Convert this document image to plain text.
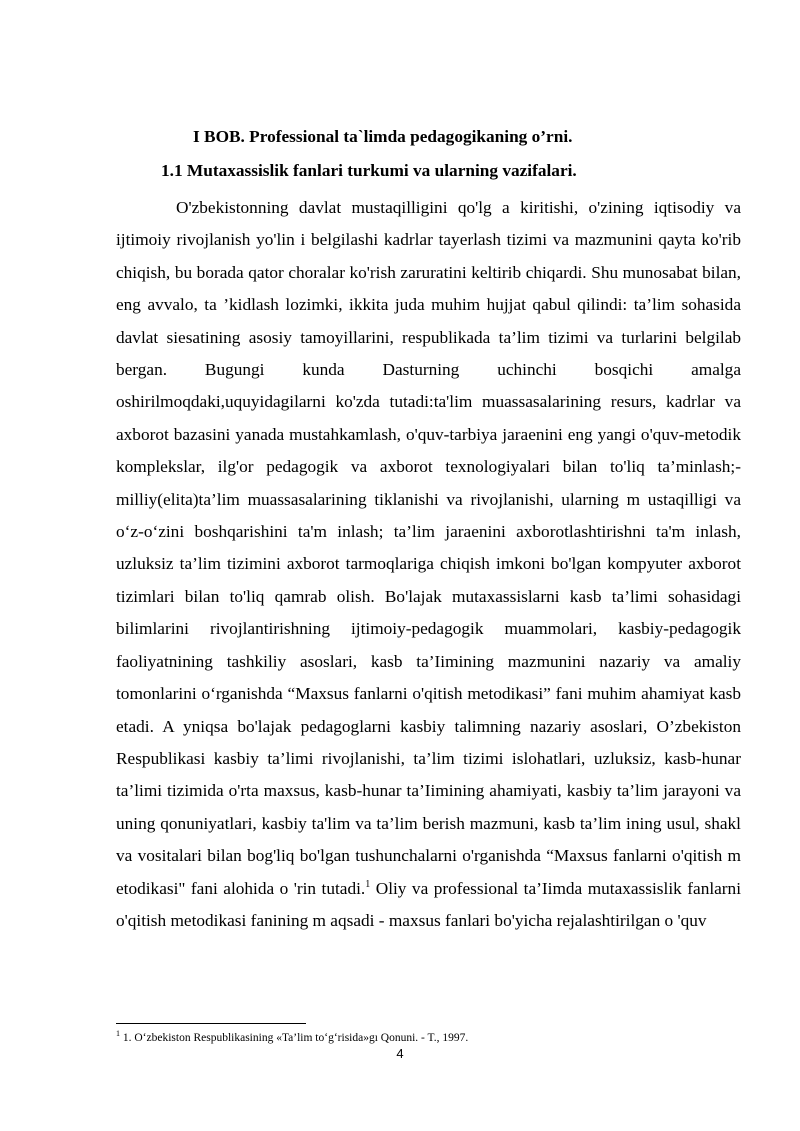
I BOB. Professional ta`limda pedagogikaning o’rni.
1.1 Mutaxassislik fanlari turkumi va ularning vazifalari.

O'zbekistonning davlat mustaqilligini qo'lg a kiritishi, o'zining iqtisodiy va ijtimoiy rivojlanish yo'lin i belgilashi kadrlar tayerlash tizimi va mazmunini qayta ko'rib chiqish, bu borada qator choralar ko'rish zaruratini keltirib chiqardi. Shu munosabat bilan, eng avvalo, ta ’kidlash lozimki, ikkita juda muhim hujjat qabul qilindi: ta’lim sohasida davlat siesatining asosiy tamoyillarini, respublikada ta’lim tizimi va turlarini belgilab bergan. Bugungi kunda Dasturning uchinchi bosqichi amalga oshirilmoqdaki,uquyidagilarni ko'zda tutadi:ta'lim muassasalarining resurs, kadrlar va axborot bazasini yanada mustahkamlash, o'quv-tarbiya jaraenini eng yangi o'quv-metodik komplekslar, ilg'or pedagogik va axborot texnologiyalari bilan to'liq ta’minlash;-milliy(elita)ta’lim muassasalarining tiklanishi va rivojlanishi, ularning m ustaqilligi va o‘z-o‘zini boshqarishini ta'm inlash; ta’lim jaraenini axborotlashtirishni ta'm inlash, uzluksiz ta’lim tizimini axborot tarmoqlariga chiqish imkoni bo'lgan kompyuter axborot tizimlari bilan to'liq qamrab olish. Bo'lajak mutaxassislarni kasb ta’limi sohasidagi bilimlarini rivojlantirishning ijtimoiy-pedagogik muammolari, kasbiy-pedagogik faoliyatnining tashkiliy asoslari, kasb ta’Iimining mazmunini nazariy va amaliy tomonlarini o‘rganishda “Maxsus fanlarni o'qitish metodikasi” fani muhim ahamiyat kasb etadi. A yniqsa bo'lajak pedagoglarni kasbiy talimning nazariy asoslari, O’zbekiston Respublikasi kasbiy ta’limi rivojlanishi, ta’lim tizimi islohatlari, uzluksiz, kasb-hunar ta’limi tizimida o'rta maxsus, kasb-hunar ta’Iimining ahamiyati, kasbiy ta’lim jarayoni va uning qonuniyatlari, kasbiy ta'lim va ta’lim berish mazmuni, kasb ta’lim ining usul, shakl va vositalari bilan bog'liq bo'lgan tushunchalarni o'rganishda “Maxsus fanlarni o'qitish m etodikasi" fani alohida o 'rin tutadi.$^1$ Oliy va professional ta’Iimda mutaxassislik fanlarni o'qitish metodikasi fanining m aqsadi - maxsus fanlari bo'yicha rejalashtirilgan o 'quv

$^1$ 1. O‘zbekiston Respublikasining «Ta’lim to‘g‘risida»gı Qonuni. - T., 1997.
4
